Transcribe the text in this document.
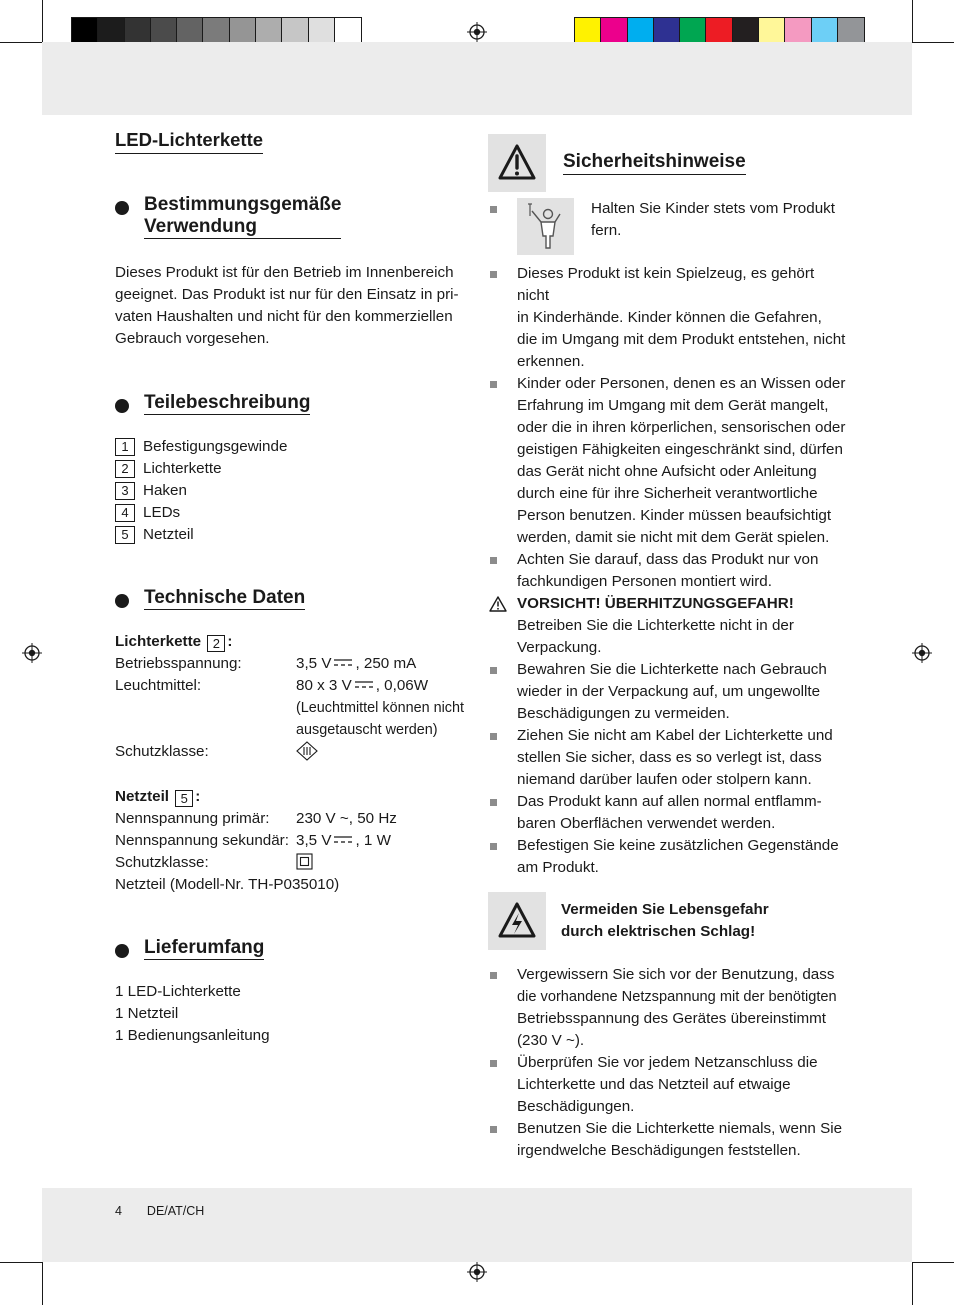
LED-Lichterkette
Bestimmungsgemäße
Verwendung
Dieses Produkt ist für den Betrieb im Innenbereich
geeignet. Das Produkt ist nur für den Einsatz in pri-
vaten Haushalten und nicht für den kommerziellen
Gebrauch vorgesehen.
Teilebeschreibung
1 Befestigungsgewinde
2 Lichterkette
3 Haken
4 LEDs
5 Netzteil
Technische Daten
Lichterkette 2 :
Betriebsspannung:	3,5 V , 250 mA
Leuchtmittel:	80 x 3 V , 0,06W
(Leuchtmittel können nicht
ausgetauscht werden)
Schutzklasse:
Netzteil 5 :
Nennspannung primär:	230 V ~, 50 Hz
Nennspannung sekundär: 3,5 V , 1 W
Schutzklasse:
Netzteil (Modell-Nr. TH-P035010)
Lieferumfang
1 LED-Lichterkette
1 Netzteil
1 Bedienungsanleitung
Sicherheitshinweise
Halten Sie Kinder stets vom Produkt
fern.
Dieses Produkt ist kein Spielzeug, es gehört nicht
in Kinderhände. Kinder können die Gefahren,
die im Umgang mit dem Produkt entstehen, nicht
erkennen.
Kinder oder Personen, denen es an Wissen oder
Erfahrung im Umgang mit dem Gerät mangelt,
oder die in ihren körperlichen, sensorischen oder
geistigen Fähigkeiten eingeschränkt sind, dürfen
das Gerät nicht ohne Aufsicht oder Anleitung
durch eine für ihre Sicherheit verantwortliche
Person benutzen. Kinder müssen beaufsichtigt
werden, damit sie nicht mit dem Gerät spielen.
Achten Sie darauf, dass das Produkt nur von
fachkundigen Personen montiert wird.
VORSICHT! ÜBERHITZUNGSGEFAHR!
Betreiben Sie die Lichterkette nicht in der
Verpackung.
Bewahren Sie die Lichterkette nach Gebrauch
wieder in der Verpackung auf, um ungewollte
Beschädigungen zu vermeiden.
Ziehen Sie nicht am Kabel der Lichterkette und
stellen Sie sicher, dass es so verlegt ist, dass
niemand darüber laufen oder stolpern kann.
Das Produkt kann auf allen normal entflamm-
baren Oberflächen verwendet werden.
Befestigen Sie keine zusätzlichen Gegenstände
am Produkt.
Vermeiden Sie Lebensgefahr
durch elektrischen Schlag!
Vergewissern Sie sich vor der Benutzung, dass
die vorhandene Netzspannung mit der benötigten
Betriebsspannung des Gerätes übereinstimmt
(230 V ~).
Überprüfen Sie vor jedem Netzanschluss die
Lichterkette und das Netzteil auf etwaige
Beschädigungen.
Benutzen Sie die Lichterkette niemals, wenn Sie
irgendwelche Beschädigungen feststellen.
4 DE/AT/CH
